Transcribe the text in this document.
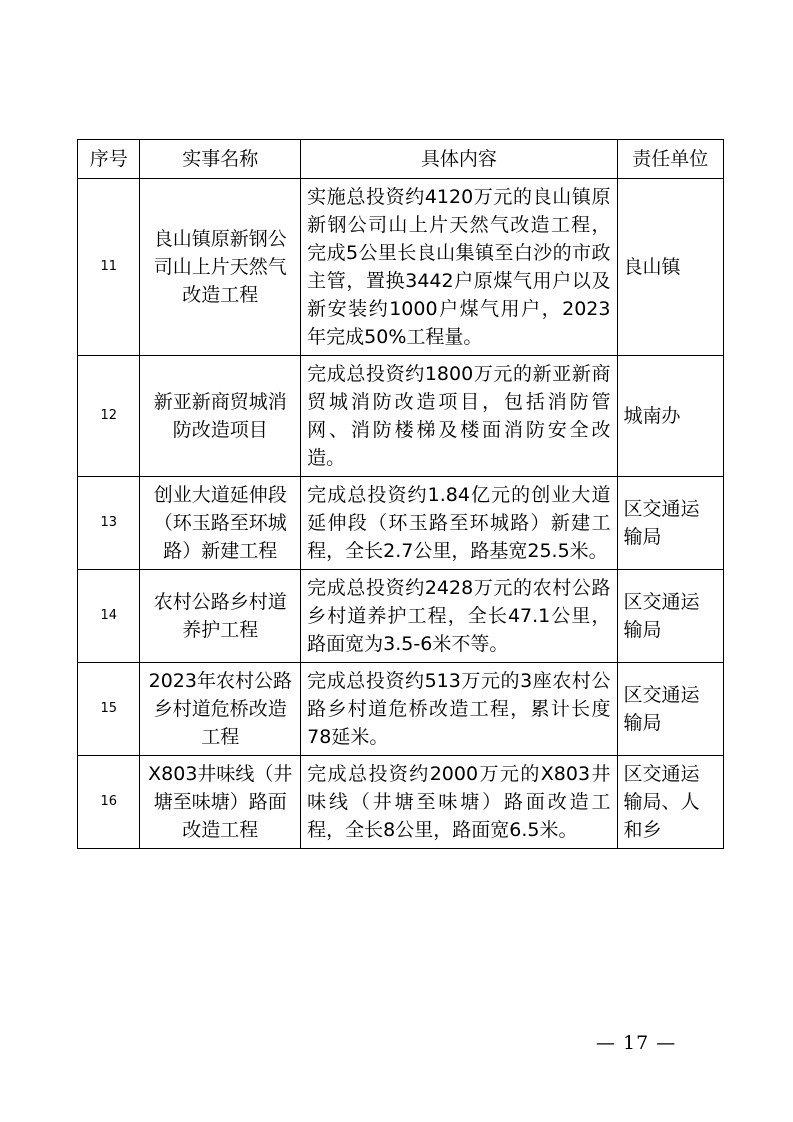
序号	实事名称	具体内容	责任单位
11	良山镇原新钢公司山上片天然气改造工程	实施总投资约4120万元的良山镇原新钢公司山上片天然气改造工程，完成5公里长良山集镇至白沙的市政主管，置换3442户原煤气用户以及新安装约1000户煤气用户，2023年完成50%工程量。	良山镇
12	新亚新商贸城消防改造项目	完成总投资约1800万元的新亚新商贸城消防改造项目，包括消防管网、消防楼梯及楼面消防安全改造。	城南办
13	创业大道延伸段（环玉路至环城路）新建工程	完成总投资约1.84亿元的创业大道延伸段（环玉路至环城路）新建工程，全长2.7公里，路基宽25.5米。	区交通运输局
14	农村公路乡村道养护工程	完成总投资约2428万元的农村公路乡村道养护工程，全长47.1公里，路面宽为3.5-6米不等。	区交通运输局
15	2023年农村公路乡村道危桥改造工程	完成总投资约513万元的3座农村公路乡村道危桥改造工程，累计长度78延米。	区交通运输局
16	X803井味线（井塘至味塘）路面改造工程	完成总投资约2000万元的X803井味线（井塘至味塘）路面改造工程，全长8公里，路面宽6.5米。	区交通运输局、人和乡
— 17 —
